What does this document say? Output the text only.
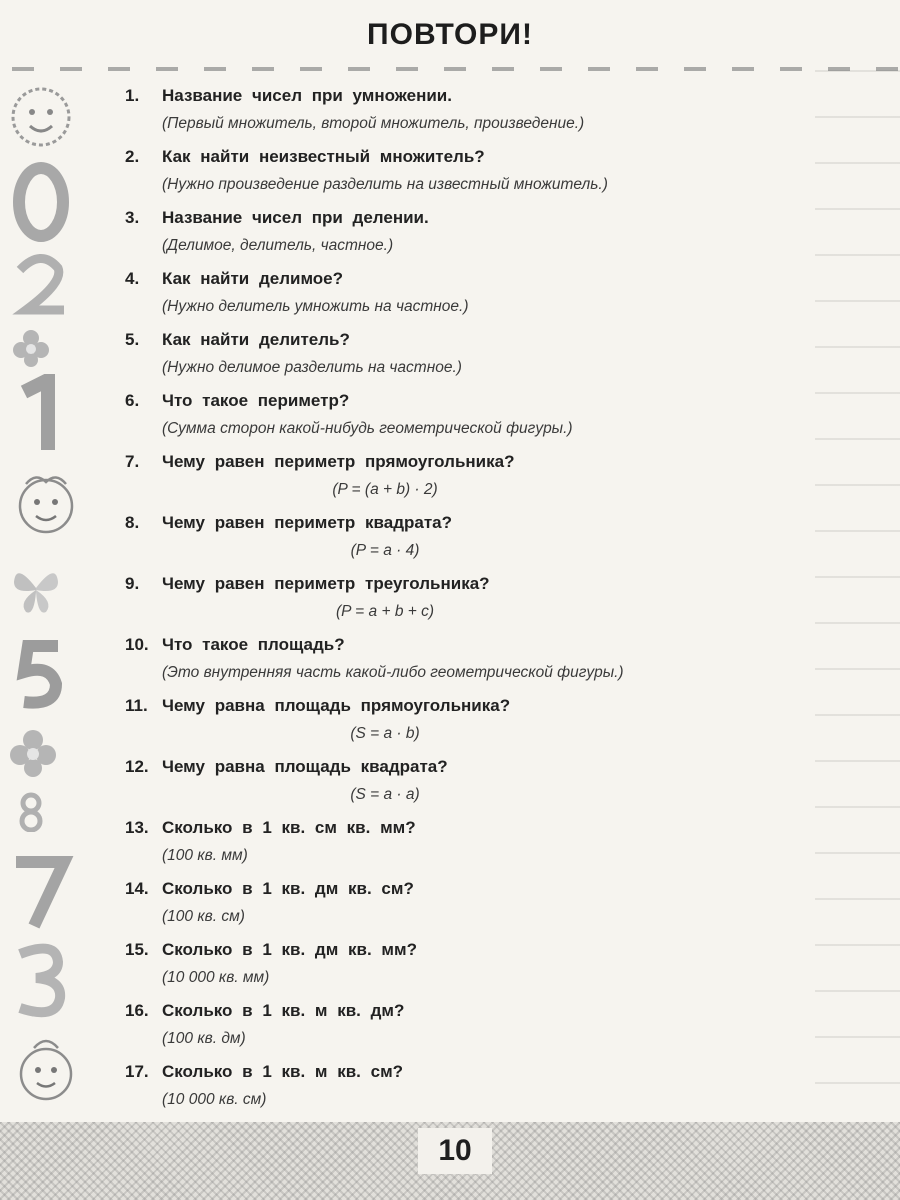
ПОВТОРИ!
1. Название чисел при умножении.
(Первый множитель, второй множитель, произведение.)
2. Как найти неизвестный множитель?
(Нужно произведение разделить на известный множитель.)
3. Название чисел при делении.
(Делимое, делитель, частное.)
4. Как найти делимое?
(Нужно делитель умножить на частное.)
5. Как найти делитель?
(Нужно делимое разделить на частное.)
6. Что такое периметр?
(Сумма сторон какой-нибудь геометрической фигуры.)
7. Чему равен периметр прямоугольника?
(P = (a + b) · 2)
8. Чему равен периметр квадрата?
(P = a · 4)
9. Чему равен периметр треугольника?
(P = a + b + c)
10. Что такое площадь?
(Это внутренняя часть какой-либо геометрической фигуры.)
11. Чему равна площадь прямоугольника?
(S = a · b)
12. Чему равна площадь квадрата?
(S = a · a)
13. Сколько в 1 кв. см кв. мм?
(100 кв. мм)
14. Сколько в 1 кв. дм кв. см?
(100 кв. см)
15. Сколько в 1 кв. дм кв. мм?
(10 000 кв. мм)
16. Сколько в 1 кв. м кв. дм?
(100 кв. дм)
17. Сколько в 1 кв. м кв. см?
(10 000 кв. см)
10
